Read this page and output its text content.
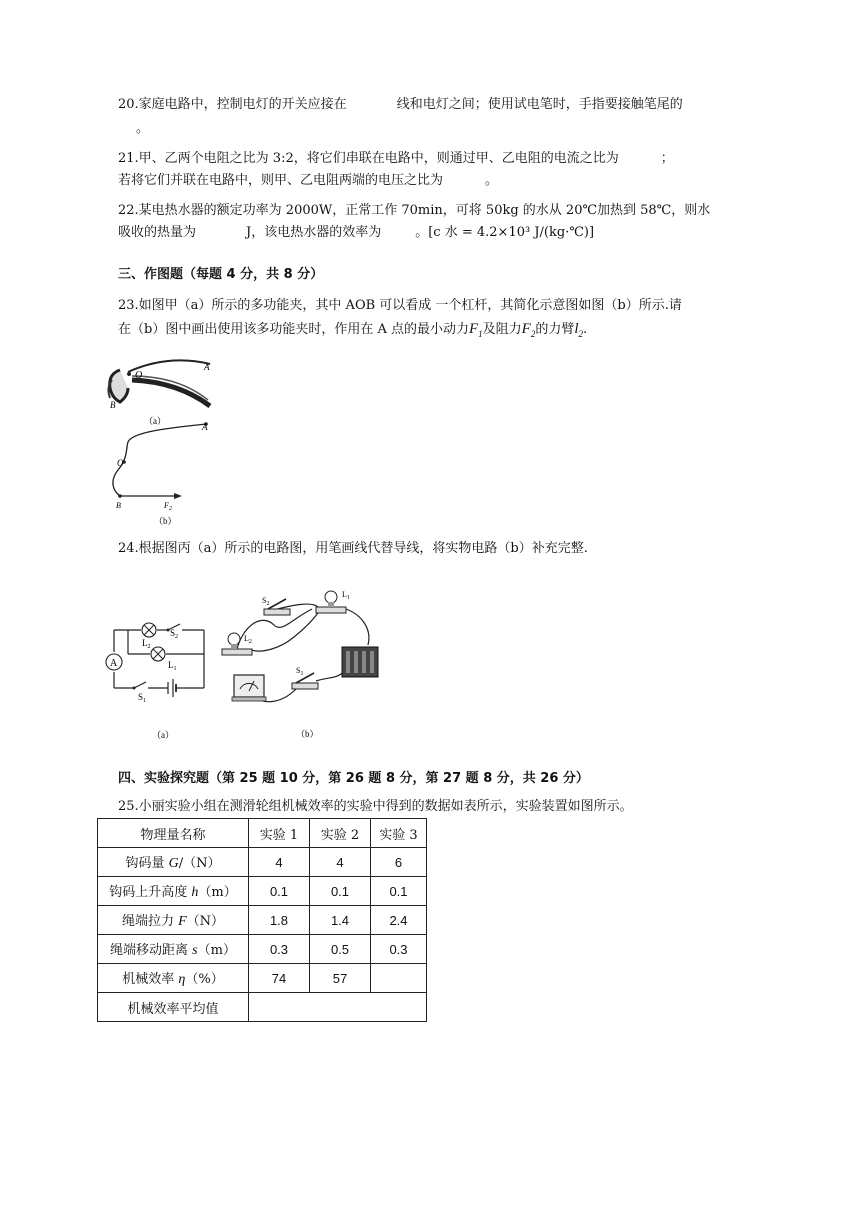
20.家庭电路中，控制电灯的开关应接在	线和电灯之间；使用试电笔时，手指要接触笔尾的
。
21.甲、乙两个电阻之比为 3:2，将它们串联在电路中，则通过甲、乙电阻的电流之比为	；
若将它们并联在电路中，则甲、乙电阻两端的电压之比为	。
22.某电热水器的额定功率为 2000W，正常工作 70min，可将 50kg 的水从 20℃加热到 58℃，则水
吸收的热量为	J，该电热水器的效率为	。[c 水 = 4.2×10³ J/(kg·℃)]
三、作图题（每题 4 分，共 8 分）
23.如图甲（a）所示的多功能夹，其中 AOB 可以看成 一个杠杆，其简化示意图如图（b）所示.请
在（b）图中画出使用该多功能夹时，作用在 A 点的最小动力$F_1$及阻力$F_2$的力臂$l_2$.
O
A
B
（a）
A
O
B	$F_2$
（b）
24.根据图丙（a）所示的电路图，用笔画线代替导线，将实物电路（b）补充完整.
A
$L_2$
$S_2$
$L_1$
$S_1$
（a）
$S_2$
$L_1$
$L_2$
$S_1$
（b）
四、实验探究题（第 25 题 10 分，第 26 题 8 分，第 27 题 8 分，共 26 分）
25.小丽实验小组在测滑轮组机械效率的实验中得到的数据如表所示，实验装置如图所示。
物理量名称	实验 1	实验 2	实验 3
钩码量 G/（N）	4	4	6
钩码上升高度 h（m）	0.1	0.1	0.1
绳端拉力 F（N）	1.8	1.4	2.4
绳端移动距离 s（m）	0.3	0.5	0.3
机械效率 η（%）	74	57	
机械效率平均值			
